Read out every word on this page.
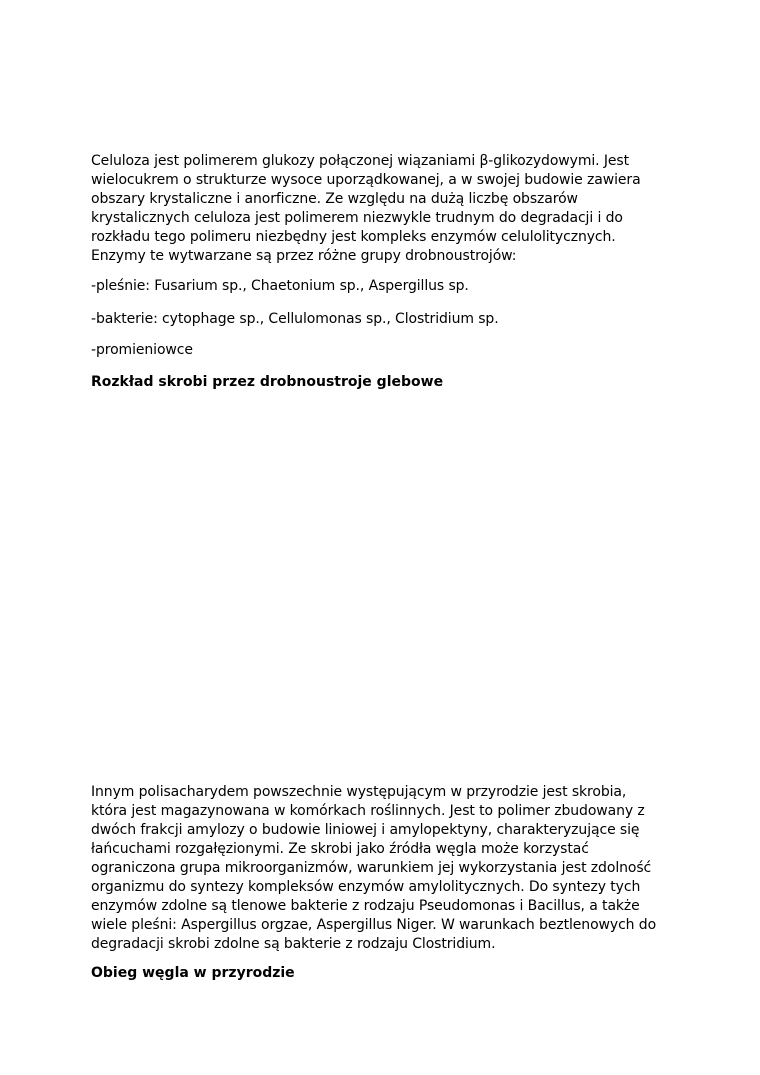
Celuloza jest polimerem glukozy połączonej wiązaniami β-glikozydowymi. Jest
wielocukrem o strukturze wysoce uporządkowanej, a w swojej budowie zawiera
obszary krystaliczne i anorficzne. Ze względu na dużą liczbę obszarów
krystalicznych celuloza jest polimerem niezwykle trudnym do degradacji i do
rozkładu tego polimeru niezbędny jest kompleks enzymów celulolitycznych.
Enzymy te wytwarzane są przez różne grupy drobnoustrojów:

-pleśnie: Fusarium sp., Chaetonium sp., Aspergillus sp.

-bakterie: cytophage sp., Cellulomonas sp., Clostridium sp.

-promieniowce

Rozkład skrobi przez drobnoustroje glebowe

Innym polisacharydem powszechnie występującym w przyrodzie jest skrobia,
która jest magazynowana w komórkach roślinnych. Jest to polimer zbudowany z
dwóch frakcji amylozy o budowie liniowej i amylopektyny, charakteryzujące się
łańcuchami rozgałęzionymi. Ze skrobi jako źródła węgla może korzystać
ograniczona grupa mikroorganizmów, warunkiem jej wykorzystania jest zdolność
organizmu do syntezy kompleksów enzymów amylolitycznych. Do syntezy tych
enzymów zdolne są tlenowe bakterie z rodzaju Pseudomonas i Bacillus, a także
wiele pleśni: Aspergillus orgzae, Aspergillus Niger. W warunkach beztlenowych do
degradacji skrobi zdolne są bakterie z rodzaju Clostridium.

Obieg węgla w przyrodzie
